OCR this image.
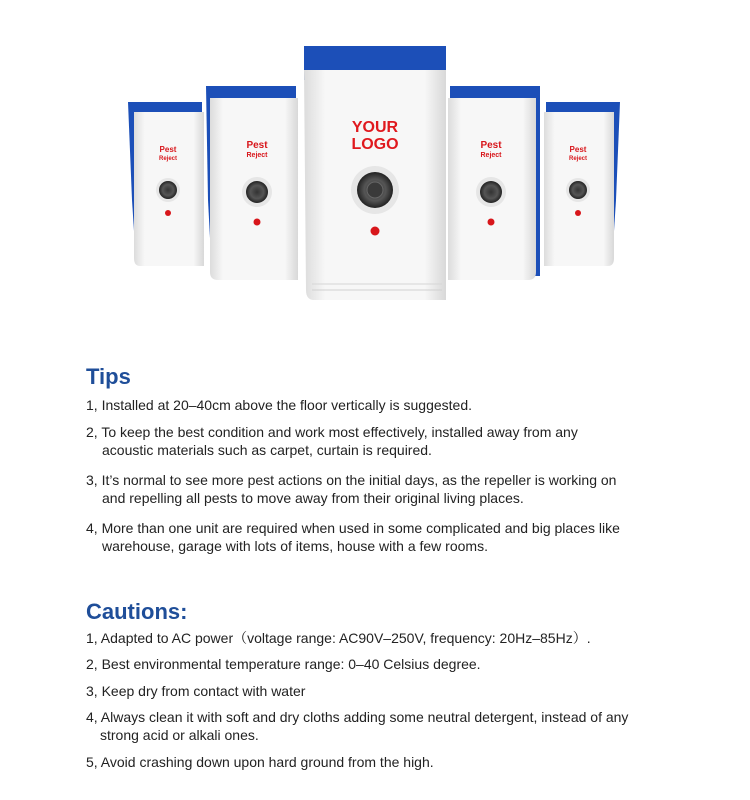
Pest
Reject
Pest
Reject
YOUR
LOGO	Pest
Reject
Pest
Reject
Tips
1, Installed at 20–40cm above the floor vertically is suggested.
2, To keep the best condition and work most effectively, installed away from any
acoustic materials such as carpet, curtain is required.
3, It’s normal to see more pest actions on the initial days, as the repeller is working on
and repelling all pests to move away from their original living places.
4, More than one unit are required when used in some complicated and big places like
warehouse, garage with lots of items, house with a few rooms.
Cautions:
1, Adapted to AC power（voltage range: AC90V–250V, frequency: 20Hz–85Hz）.
2, Best environmental temperature range: 0–40 Celsius degree.
3, Keep dry from contact with water
4, Always clean it with soft and dry cloths adding some neutral detergent, instead of any
strong acid or alkali ones.
5, Avoid crashing down upon hard ground from the high.
